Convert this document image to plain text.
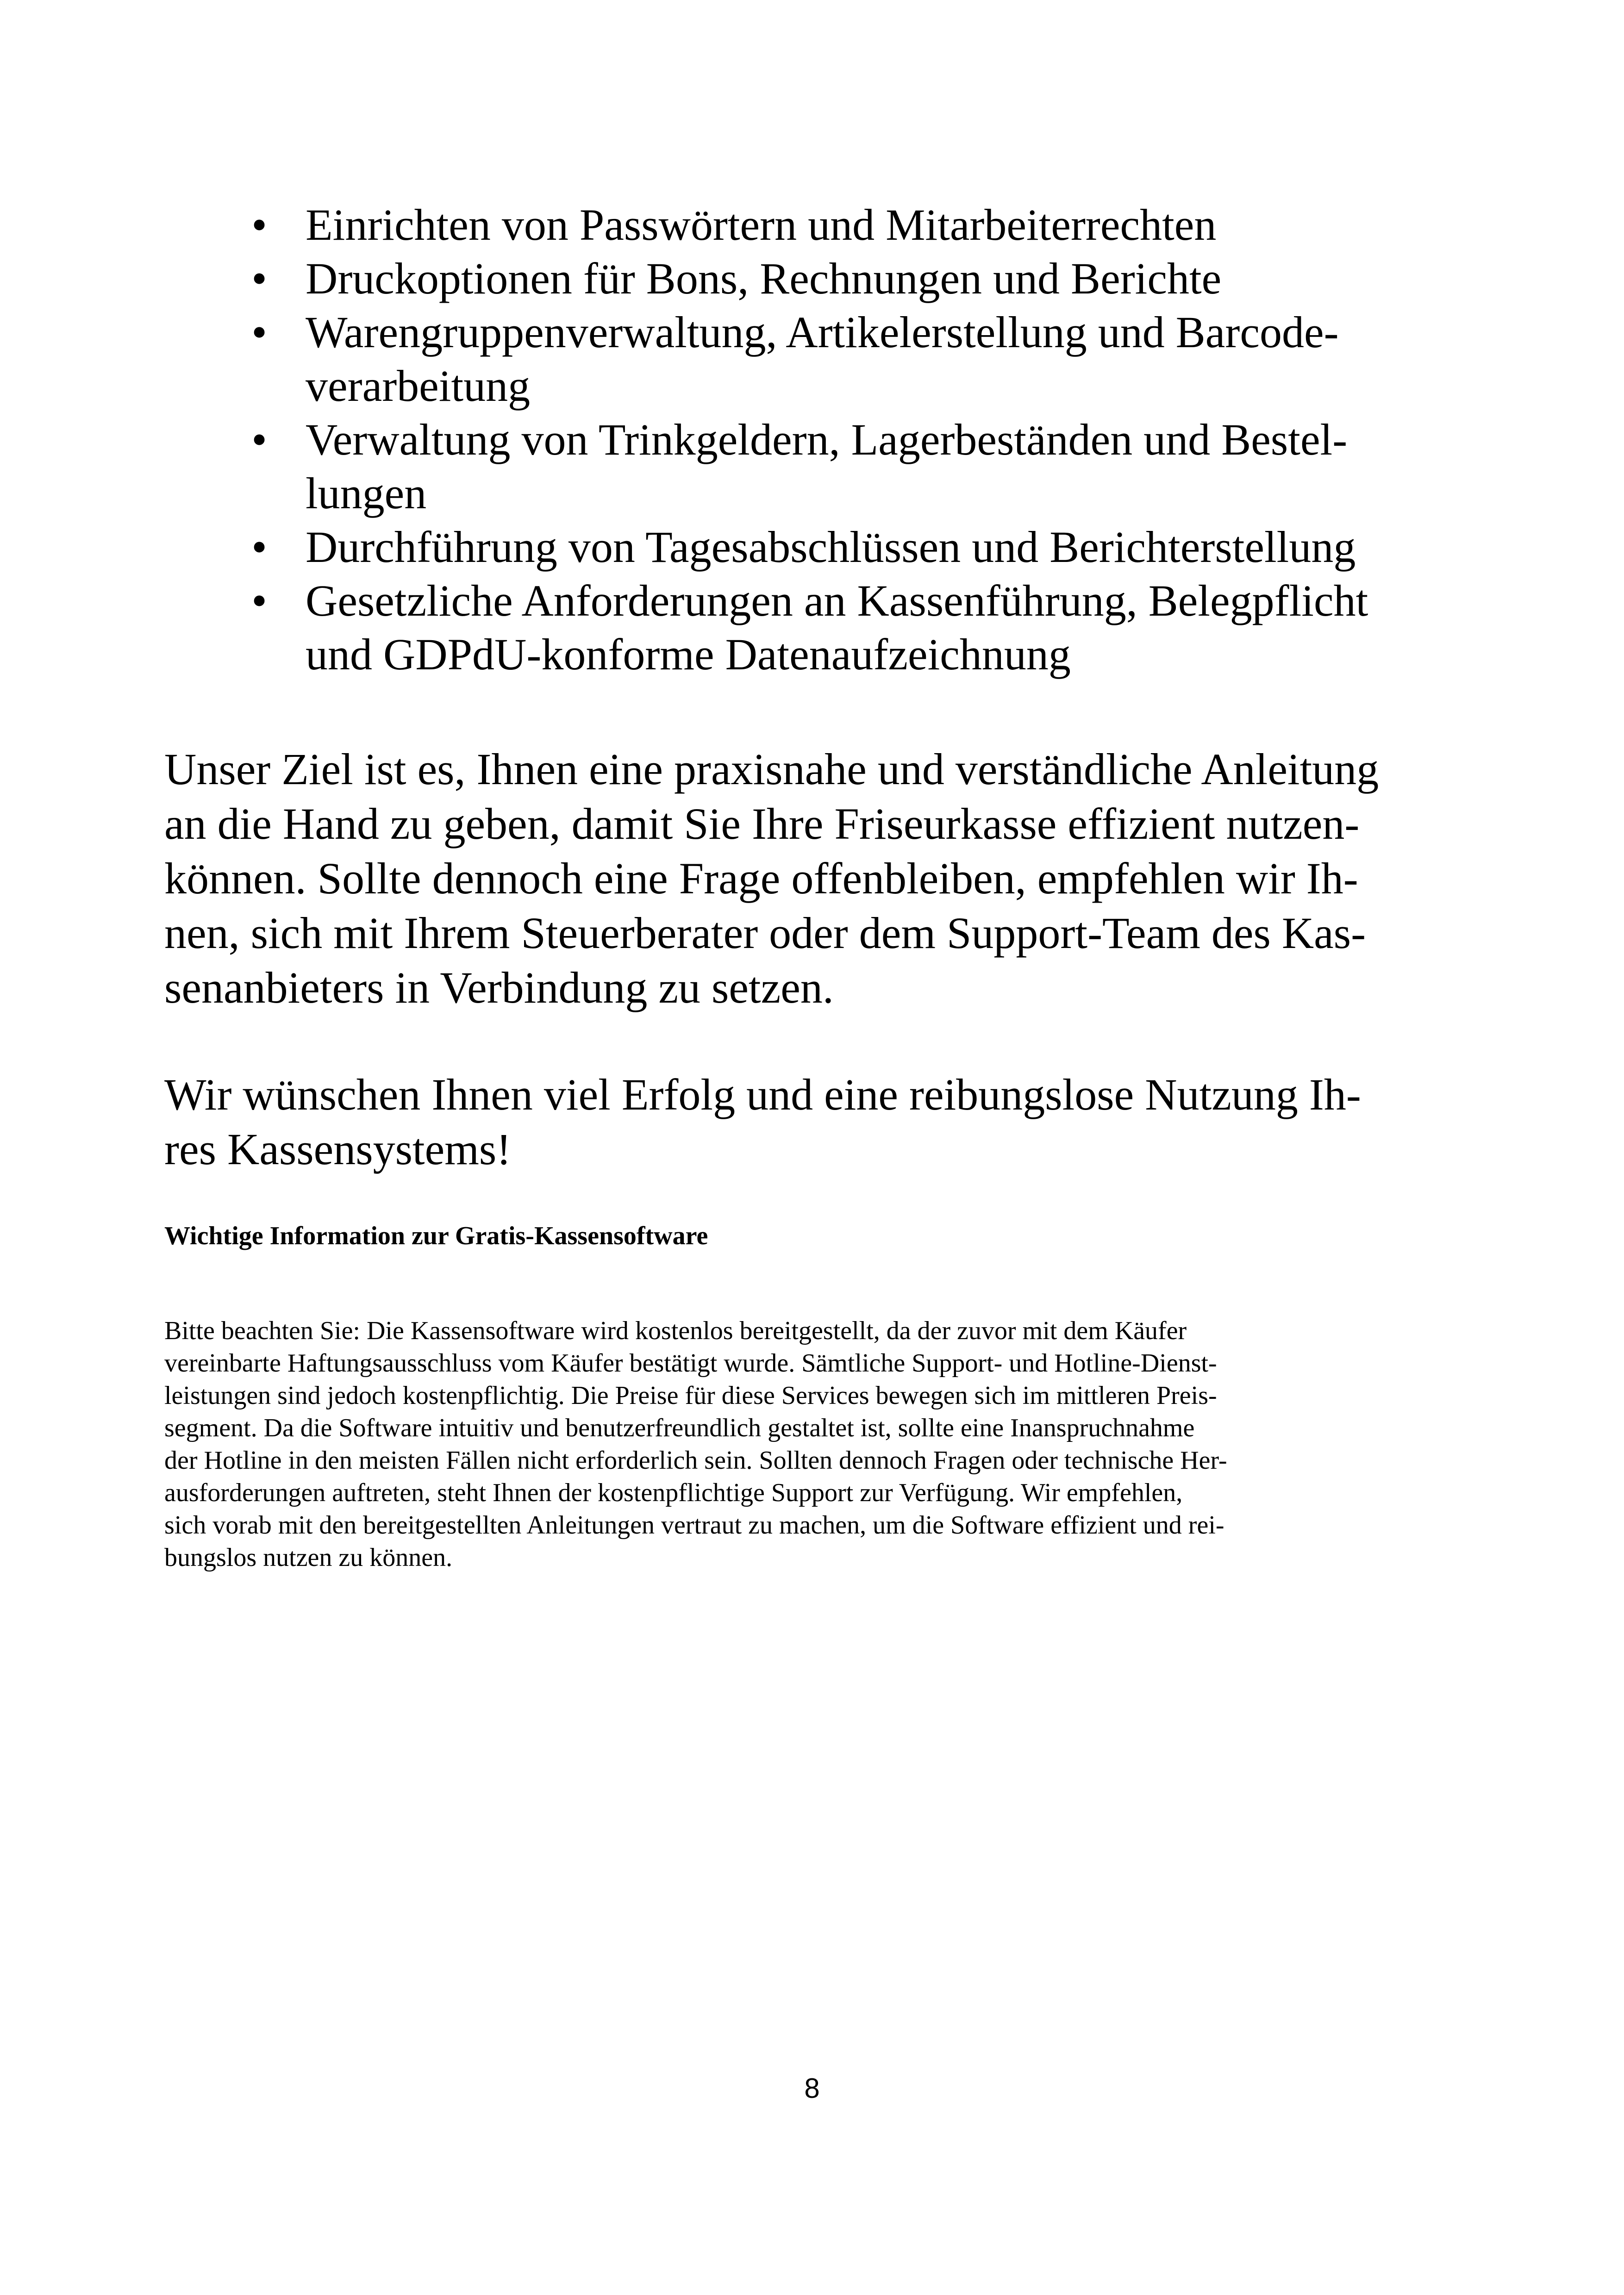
• Einrichten von Passwörtern und Mitarbeiterrechten
• Druckoptionen für Bons, Rechnungen und Berichte
• Warengruppenverwaltung, Artikelerstellung und Barcode-
verarbeitung
• Verwaltung von Trinkgeldern, Lagerbeständen und Bestel-
lungen
• Durchführung von Tagesabschlüssen und Berichterstellung
• Gesetzliche Anforderungen an Kassenführung, Belegpflicht
und GDPdU-konforme Datenaufzeichnung

Unser Ziel ist es, Ihnen eine praxisnahe und verständliche Anleitung
an die Hand zu geben, damit Sie Ihre Friseurkasse effizient nutzen-
können. Sollte dennoch eine Frage offenbleiben, empfehlen wir Ih-
nen, sich mit Ihrem Steuerberater oder dem Support-Team des Kas-
senanbieters in Verbindung zu setzen.

Wir wünschen Ihnen viel Erfolg und eine reibungslose Nutzung Ih-
res Kassensystems!

Wichtige Information zur Gratis-Kassensoftware

Bitte beachten Sie: Die Kassensoftware wird kostenlos bereitgestellt, da der zuvor mit dem Käufer
vereinbarte Haftungsausschluss vom Käufer bestätigt wurde. Sämtliche Support- und Hotline-Dienst-
leistungen sind jedoch kostenpflichtig. Die Preise für diese Services bewegen sich im mittleren Preis-
segment. Da die Software intuitiv und benutzerfreundlich gestaltet ist, sollte eine Inanspruchnahme
der Hotline in den meisten Fällen nicht erforderlich sein. Sollten dennoch Fragen oder technische Her-
ausforderungen auftreten, steht Ihnen der kostenpflichtige Support zur Verfügung. Wir empfehlen,
sich vorab mit den bereitgestellten Anleitungen vertraut zu machen, um die Software effizient und rei-
bungslos nutzen zu können.

8
